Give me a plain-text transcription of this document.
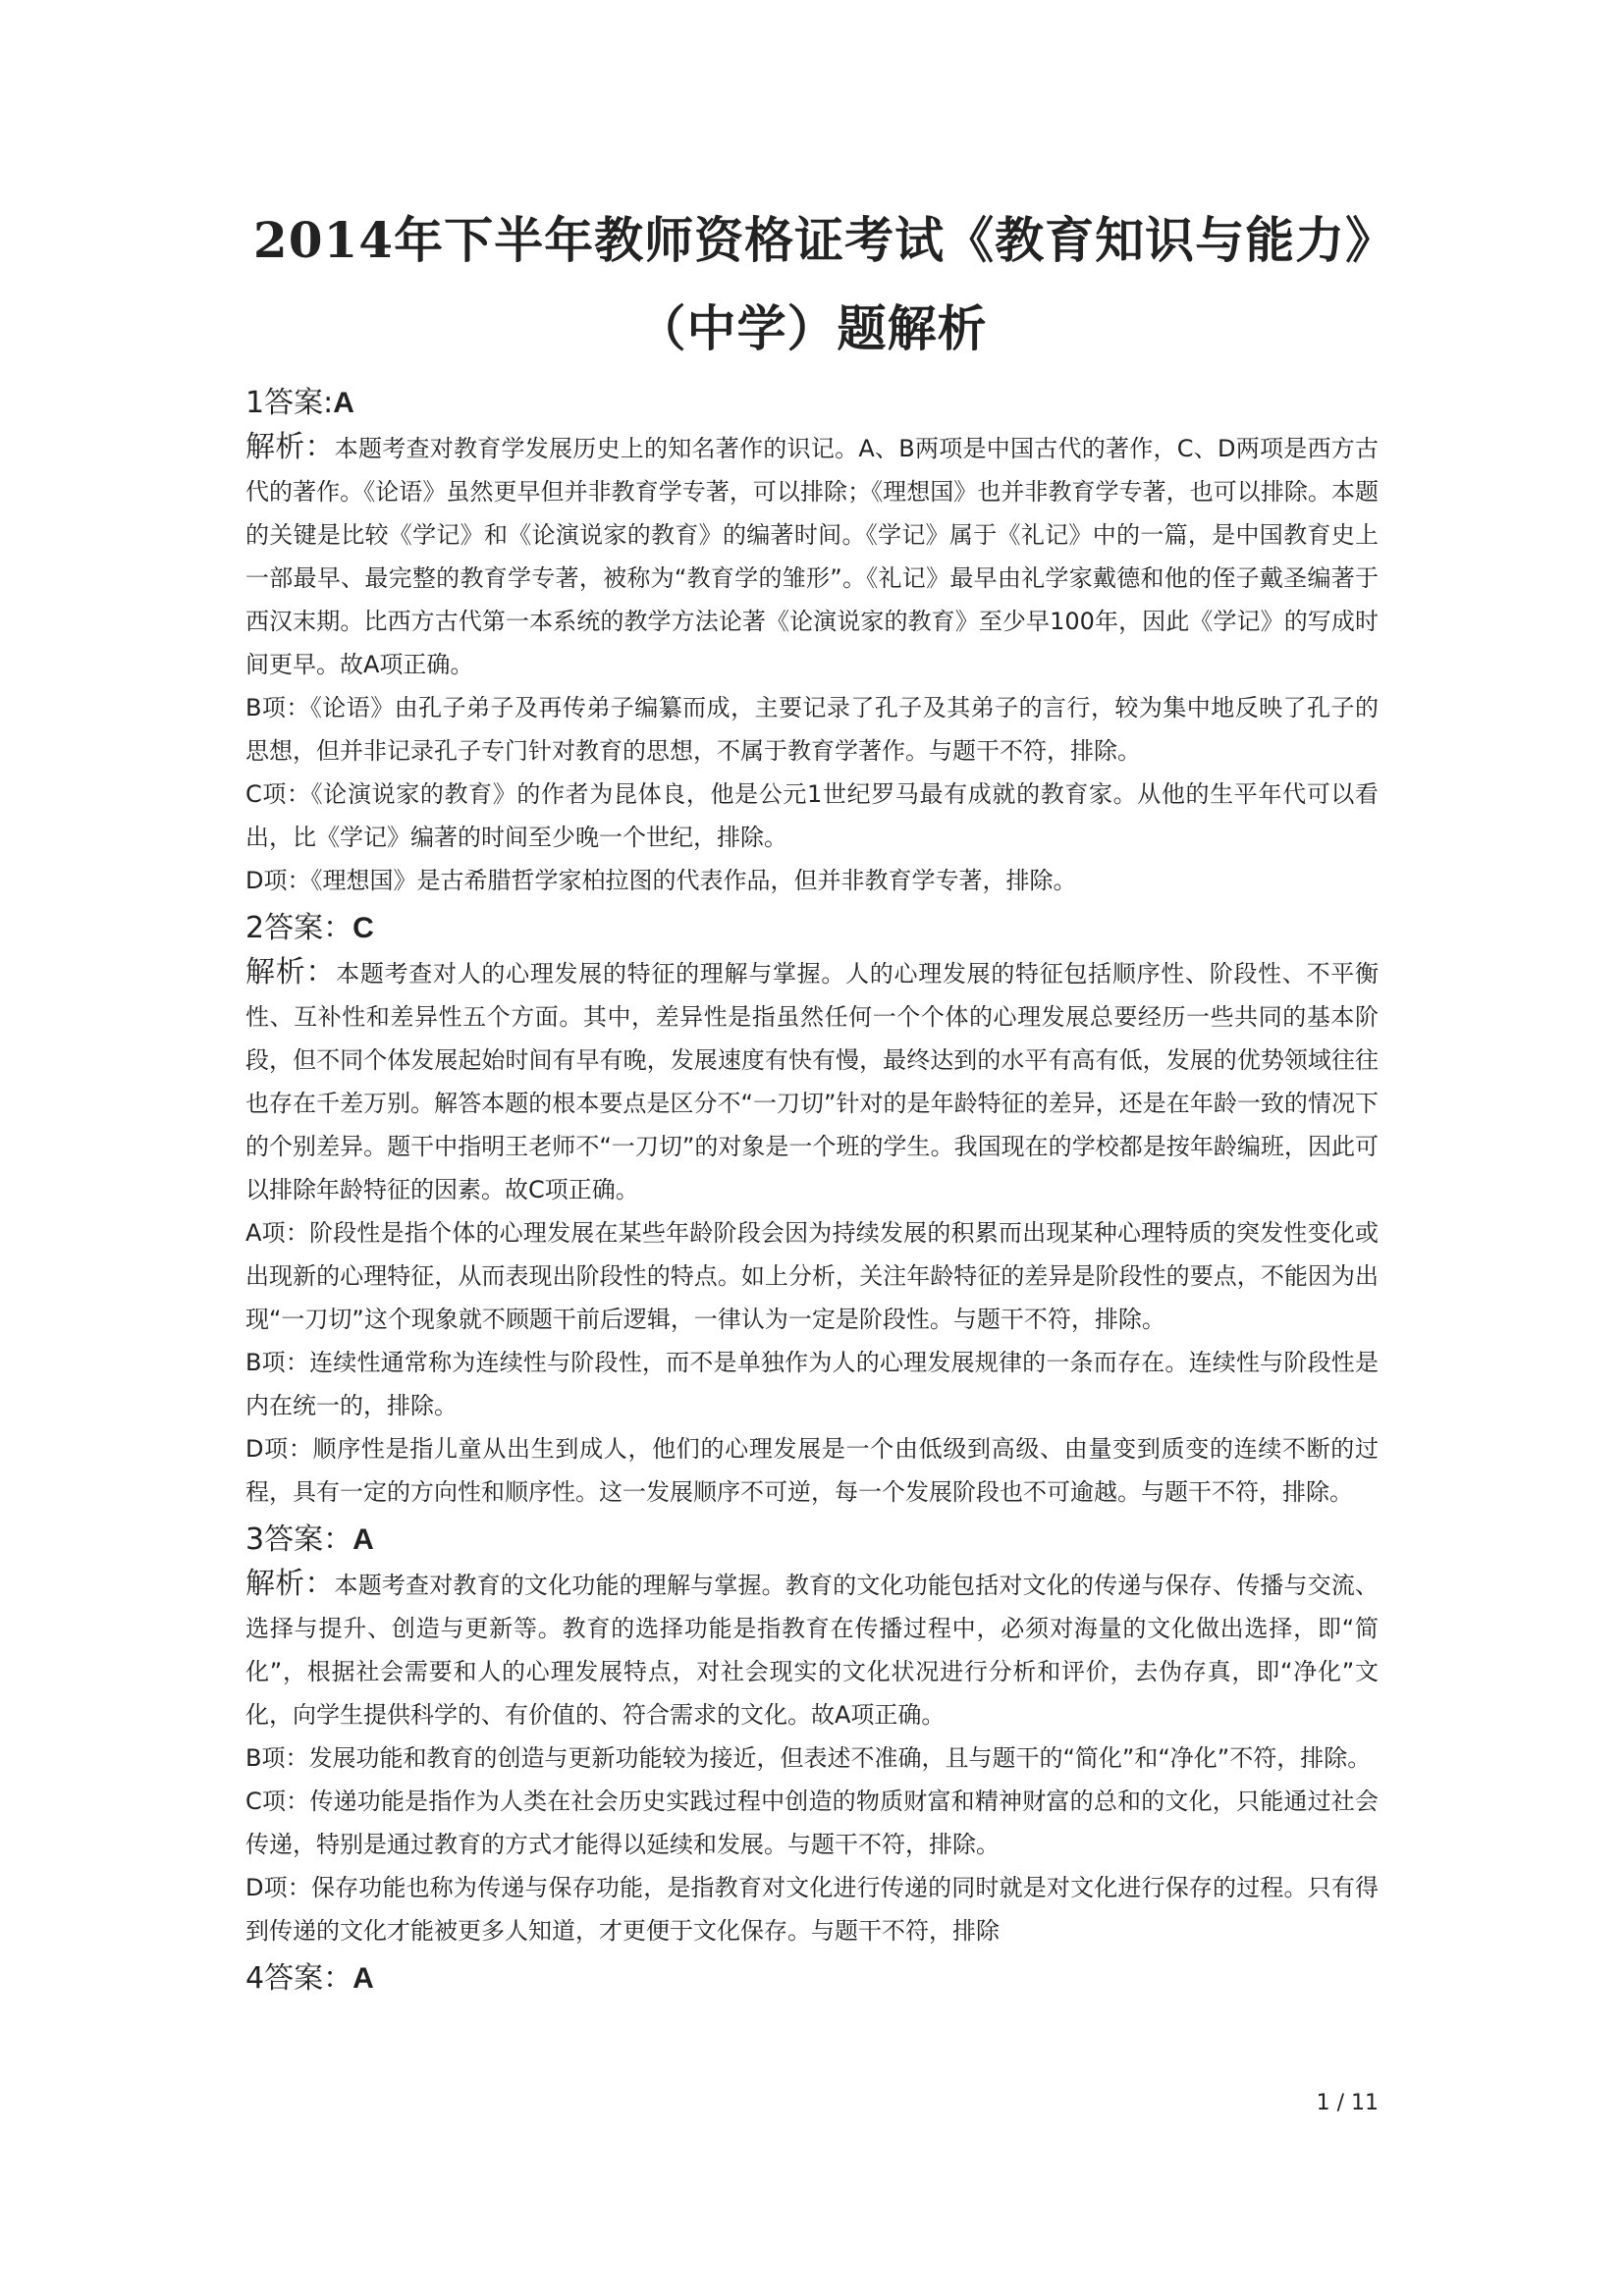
2014年下半年教师资格证考试《教育知识与能力》（中学）题解析
1答案:A

解析：本题考查对教育学发展历史上的知名著作的识记。A、B两项是中国古代的著作，C、D两项是西方古代的著作。《论语》虽然更早但并非教育学专著，可以排除；《理想国》也并非教育学专著，也可以排除。本题的关键是比较《学记》和《论演说家的教育》的编著时间。《学记》属于《礼记》中的一篇，是中国教育史上一部最早、最完整的教育学专著，被称为“教育学的雏形”。《礼记》最早由礼学家戴德和他的侄子戴圣编著于西汉末期。比西方古代第一本系统的教学方法论著《论演说家的教育》至少早100年，因此《学记》的写成时间更早。故A项正确。

B项：《论语》由孔子弟子及再传弟子编纂而成，主要记录了孔子及其弟子的言行，较为集中地反映了孔子的思想，但并非记录孔子专门针对教育的思想，不属于教育学著作。与题干不符，排除。

C项：《论演说家的教育》的作者为昆体良，他是公元1世纪罗马最有成就的教育家。从他的生平年代可以看出，比《学记》编著的时间至少晚一个世纪，排除。

D项：《理想国》是古希腊哲学家柏拉图的代表作品，但并非教育学专著，排除。

2答案：C

解析：本题考查对人的心理发展的特征的理解与掌握。人的心理发展的特征包括顺序性、阶段性、不平衡性、互补性和差异性五个方面。其中，差异性是指虽然任何一个个体的心理发展总要经历一些共同的基本阶段，但不同个体发展起始时间有早有晚，发展速度有快有慢，最终达到的水平有高有低，发展的优势领域往往也存在千差万别。解答本题的根本要点是区分不“一刀切”针对的是年龄特征的差异，还是在年龄一致的情况下的个别差异。题干中指明王老师不“一刀切”的对象是一个班的学生。我国现在的学校都是按年龄编班，因此可以排除年龄特征的因素。故C项正确。

A项：阶段性是指个体的心理发展在某些年龄阶段会因为持续发展的积累而出现某种心理特质的突发性变化或出现新的心理特征，从而表现出阶段性的特点。如上分析，关注年龄特征的差异是阶段性的要点，不能因为出现“一刀切”这个现象就不顾题干前后逻辑，一律认为一定是阶段性。与题干不符，排除。

B项：连续性通常称为连续性与阶段性，而不是单独作为人的心理发展规律的一条而存在。连续性与阶段性是内在统一的，排除。

D项：顺序性是指儿童从出生到成人，他们的心理发展是一个由低级到高级、由量变到质变的连续不断的过程，具有一定的方向性和顺序性。这一发展顺序不可逆，每一个发展阶段也不可逾越。与题干不符，排除。

3答案：A

解析：本题考查对教育的文化功能的理解与掌握。教育的文化功能包括对文化的传递与保存、传播与交流、选择与提升、创造与更新等。教育的选择功能是指教育在传播过程中，必须对海量的文化做出选择，即“简化”，根据社会需要和人的心理发展特点，对社会现实的文化状况进行分析和评价，去伪存真，即“净化”文化，向学生提供科学的、有价值的、符合需求的文化。故A项正确。

B项：发展功能和教育的创造与更新功能较为接近，但表述不准确，且与题干的“简化”和“净化”不符，排除。

C项：传递功能是指作为人类在社会历史实践过程中创造的物质财富和精神财富的总和的文化，只能通过社会传递，特别是通过教育的方式才能得以延续和发展。与题干不符，排除。

D项：保存功能也称为传递与保存功能，是指教育对文化进行传递的同时就是对文化进行保存的过程。只有得到传递的文化才能被更多人知道，才更便于文化保存。与题干不符，排除

4答案：A
1 / 11
